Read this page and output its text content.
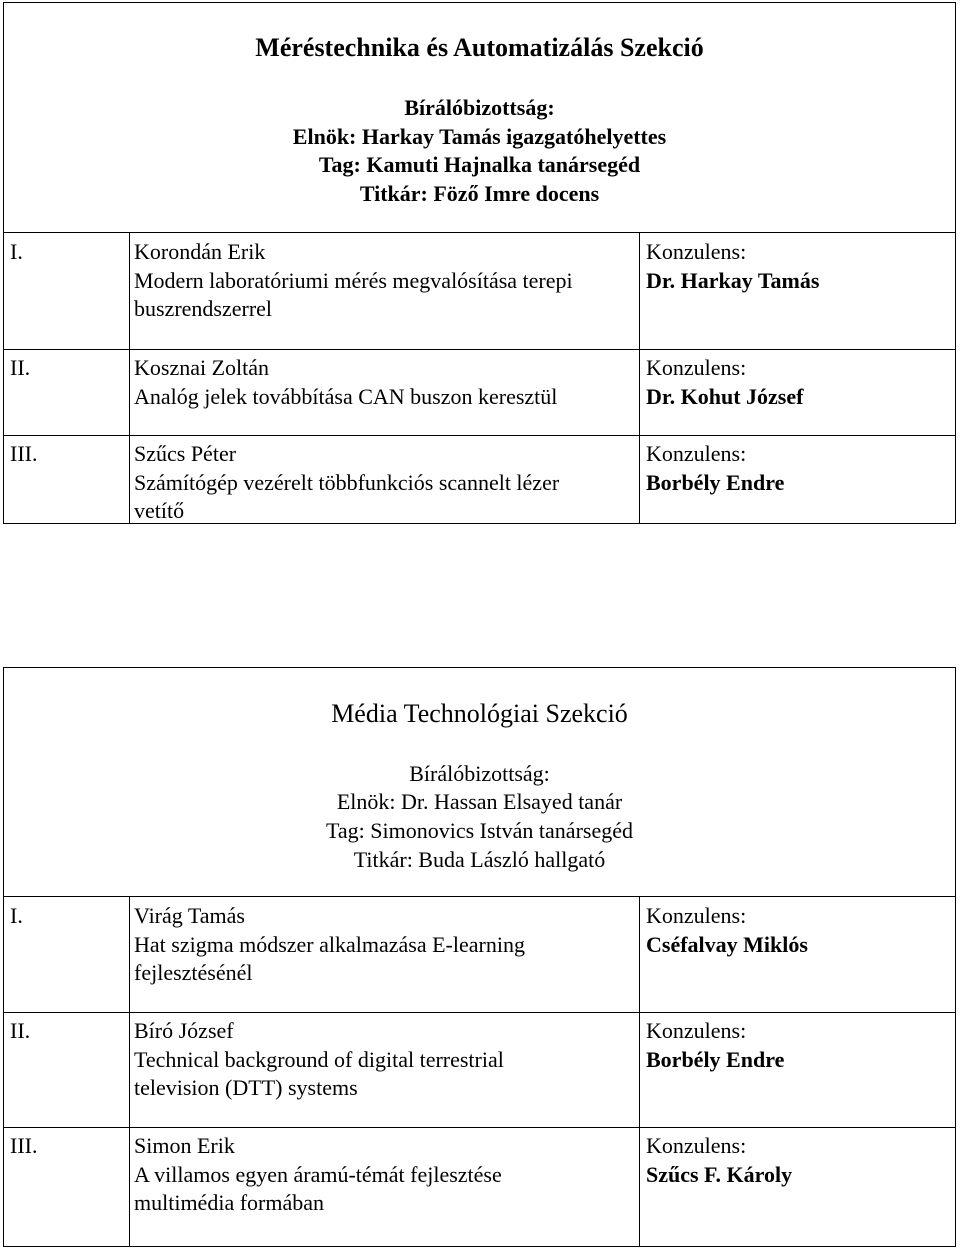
Méréstechnika és Automatizálás Szekció
Bírálóbizottság:
Elnök: Harkay Tamás igazgatóhelyettes
Tag: Kamuti Hajnalka tanársegéd
Titkár: Föző Imre docens
I.	Korondán Erik
Modern laboratóriumi mérés megvalósítása terepi
buszrendszerrel
Konzulens:
Dr. Harkay Tamás
II.	Kosznai Zoltán
Analóg jelek továbbítása CAN buszon keresztül
Konzulens:
Dr. Kohut József
III.	Szűcs Péter
Számítógép vezérelt többfunkciós scannelt lézer
vetítő
Konzulens:
Borbély Endre
Média Technológiai Szekció
Bírálóbizottság:
Elnök: Dr. Hassan Elsayed tanár
Tag: Simonovics István tanársegéd
Titkár: Buda László hallgató
I.	Virág Tamás
Hat szigma módszer alkalmazása E-learning
fejlesztésénél
Konzulens:
Cséfalvay Miklós
II.	Bíró József
Technical background of digital terrestrial
television (DTT) systems
Konzulens:
Borbély Endre
III.	Simon Erik
A villamos egyen áramú-témát fejlesztése
multimédia formában
Konzulens:
Szűcs F. Károly
